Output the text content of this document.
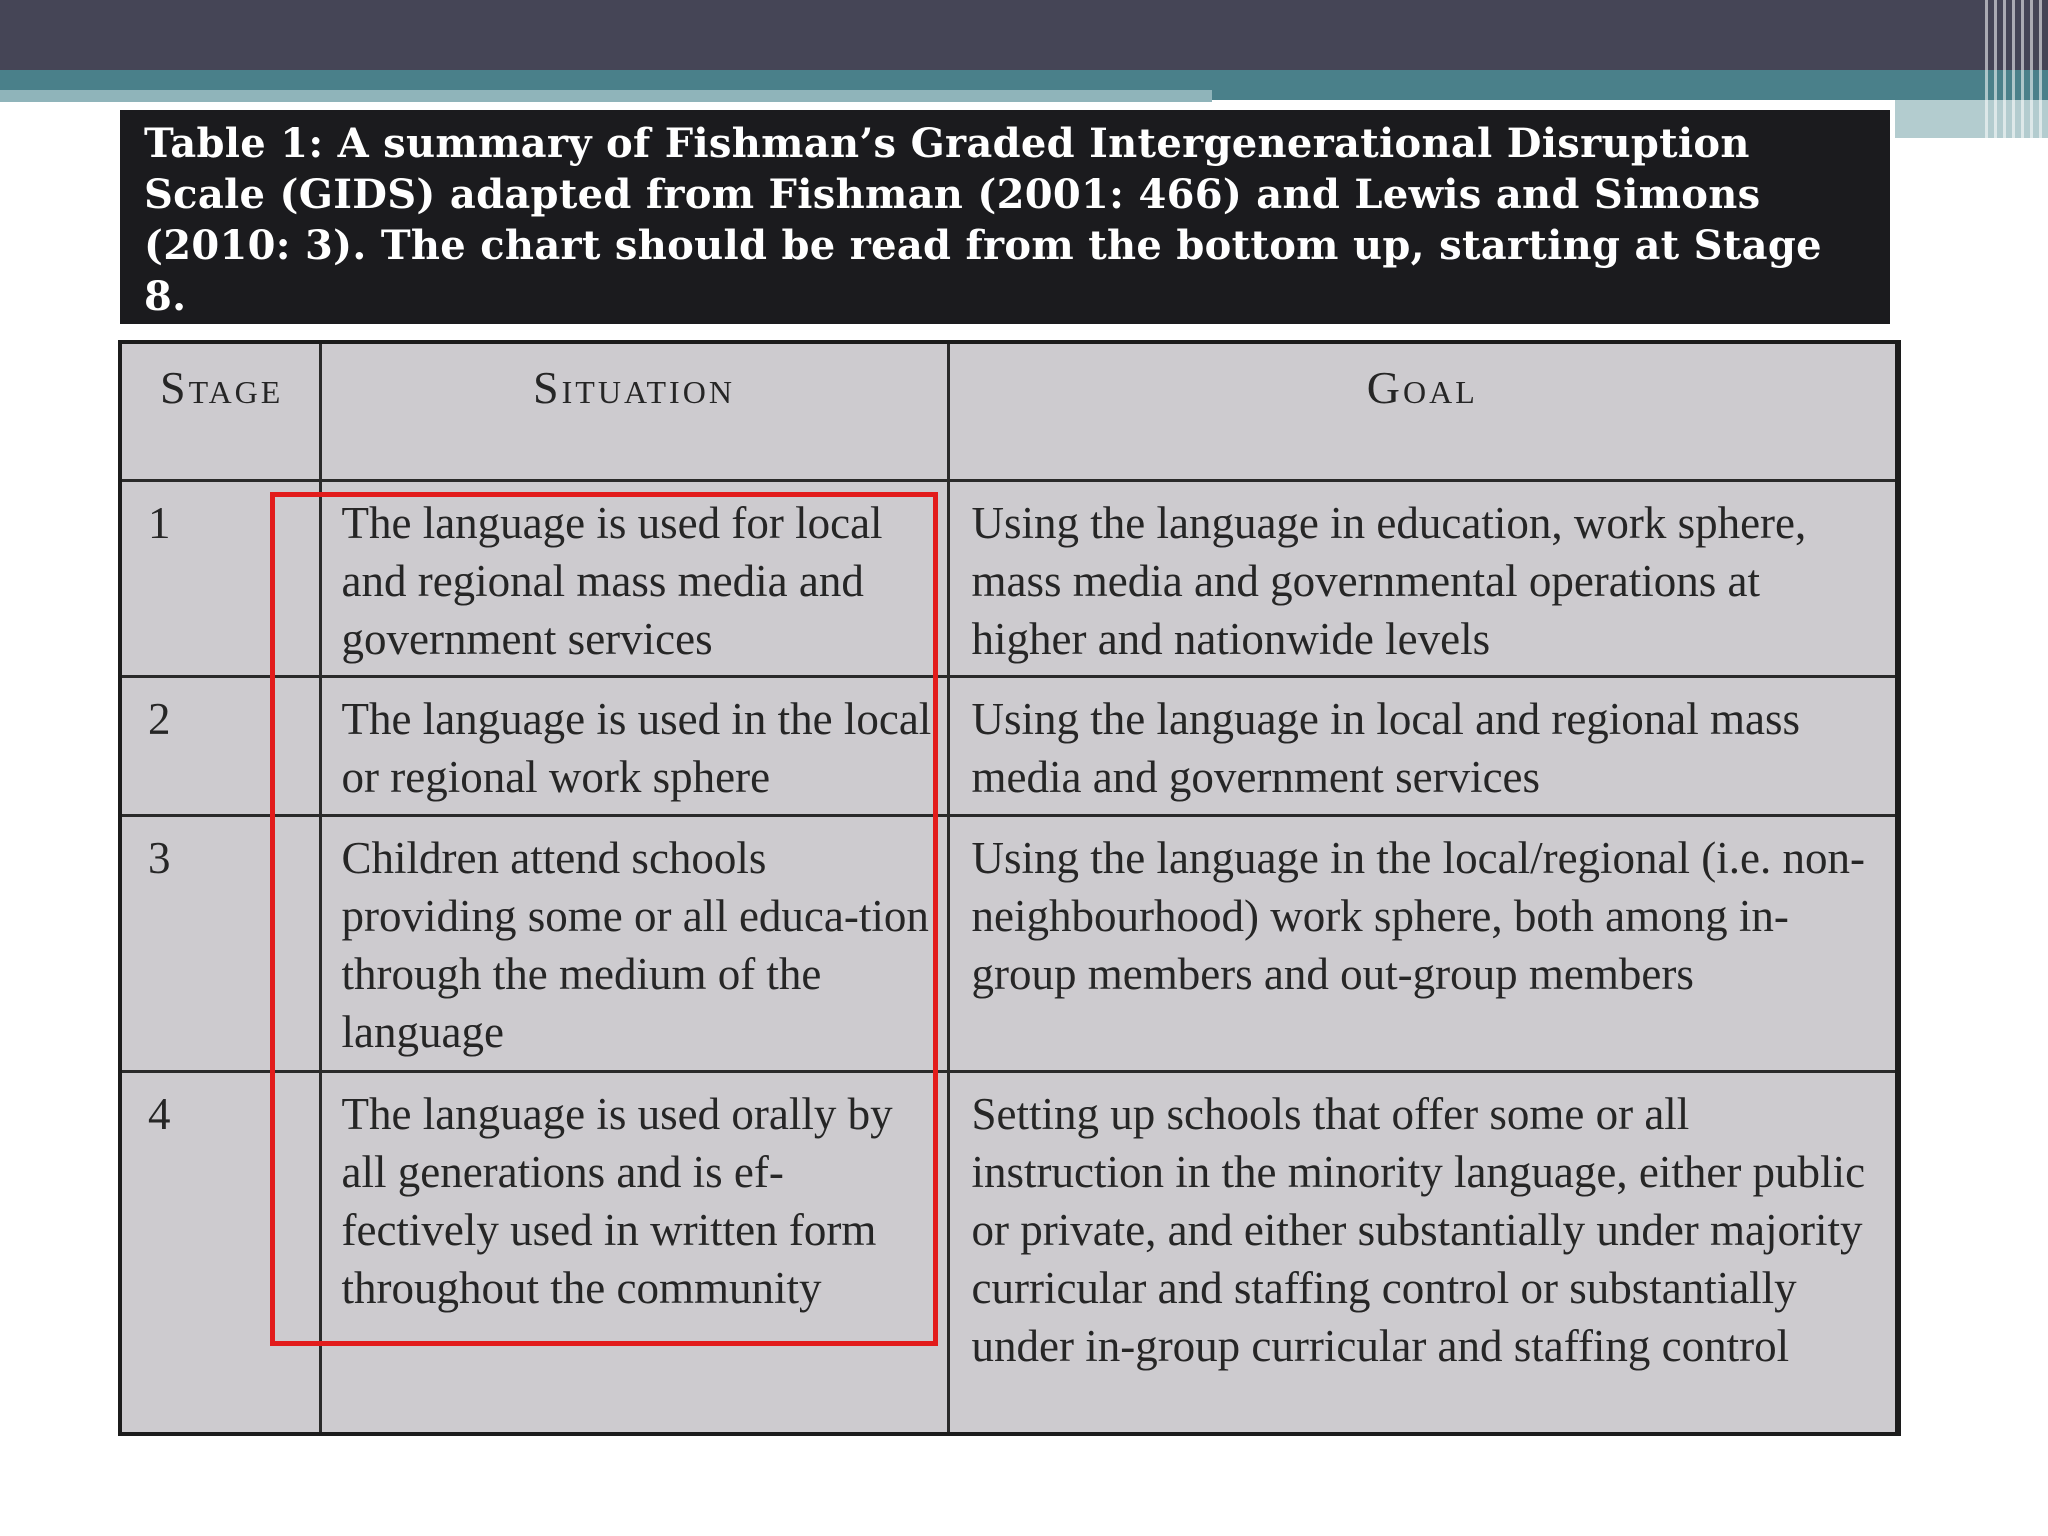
Table 1: A summary of Fishman’s Graded Intergenerational Disruption Scale (GIDS) adapted from Fishman (2001: 466) and Lewis and Simons (2010: 3). The chart should be read from the bottom up, starting at Stage 8.
Stage	Situation	Goal
1	The language is used for local and regional mass media and government services	Using the language in education, work sphere, mass media and governmental operations at higher and nationwide levels
2	The language is used in the local or regional work sphere	Using the language in local and regional mass media and government services
3	Children attend schools providing some or all educa-tion through the medium of the language	Using the language in the local/regional (i.e. non-neighbourhood) work sphere, both among in-group members and out-group members
4	The language is used orally by all generations and is ef-fectively used in written form throughout the community	Setting up schools that offer some or all instruction in the minority language, either public or private, and either substantially under majority curricular and staffing control or substantially under in-group curricular and staffing control
